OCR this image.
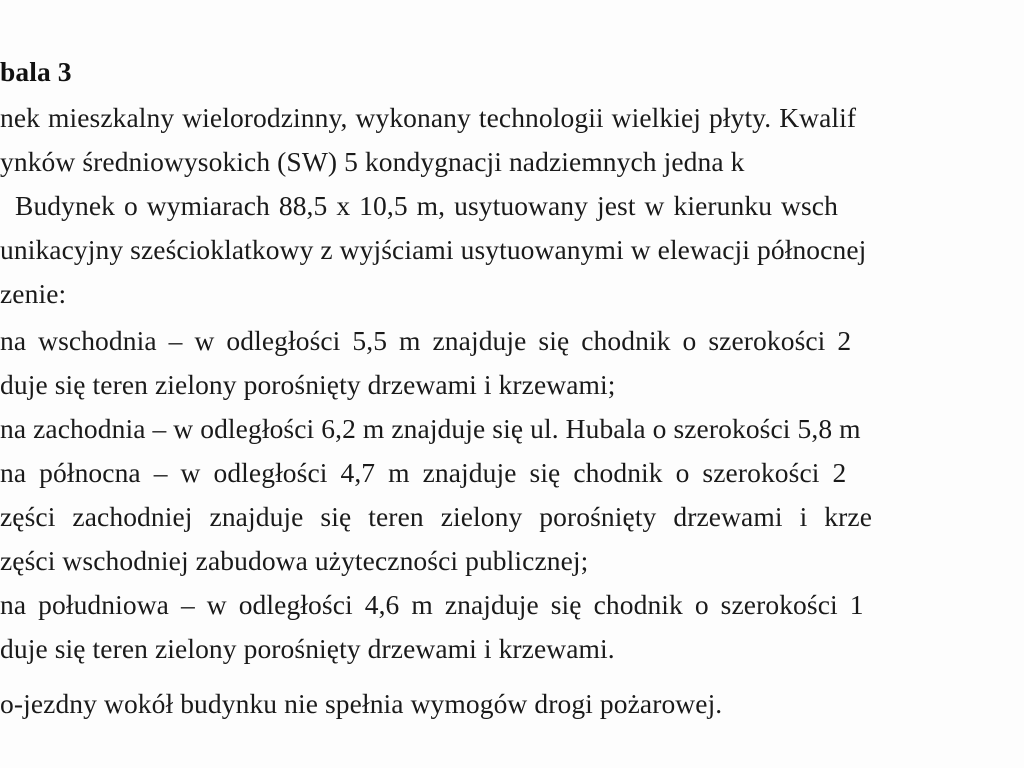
bala 3
nek mieszkalny wielorodzinny, wykonany technologii wielkiej płyty. Kwalif
ynków średniowysokich (SW) 5 kondygnacji nadziemnych jedna k
Budynek o wymiarach 88,5 x 10,5 m, usytuowany jest w kierunku wsch
unikacyjny sześcioklatkowy z wyjściami usytuowanymi w elewacji północnej
zenie:
na wschodnia – w odległości 5,5 m znajduje się chodnik o szerokości 2
duje się teren zielony porośnięty drzewami i krzewami;
na zachodnia – w odległości 6,2 m znajduje się ul. Hubala o szerokości 5,8 m
na północna – w odległości 4,7 m znajduje się chodnik o szerokości 2
zęści zachodniej znajduje się teren zielony porośnięty drzewami i krze
zęści wschodniej zabudowa użyteczności publicznej;
na południowa – w odległości 4,6 m znajduje się chodnik o szerokości 1
duje się teren zielony porośnięty drzewami i krzewami.
o-jezdny wokół budynku nie spełnia wymogów drogi pożarowej.
